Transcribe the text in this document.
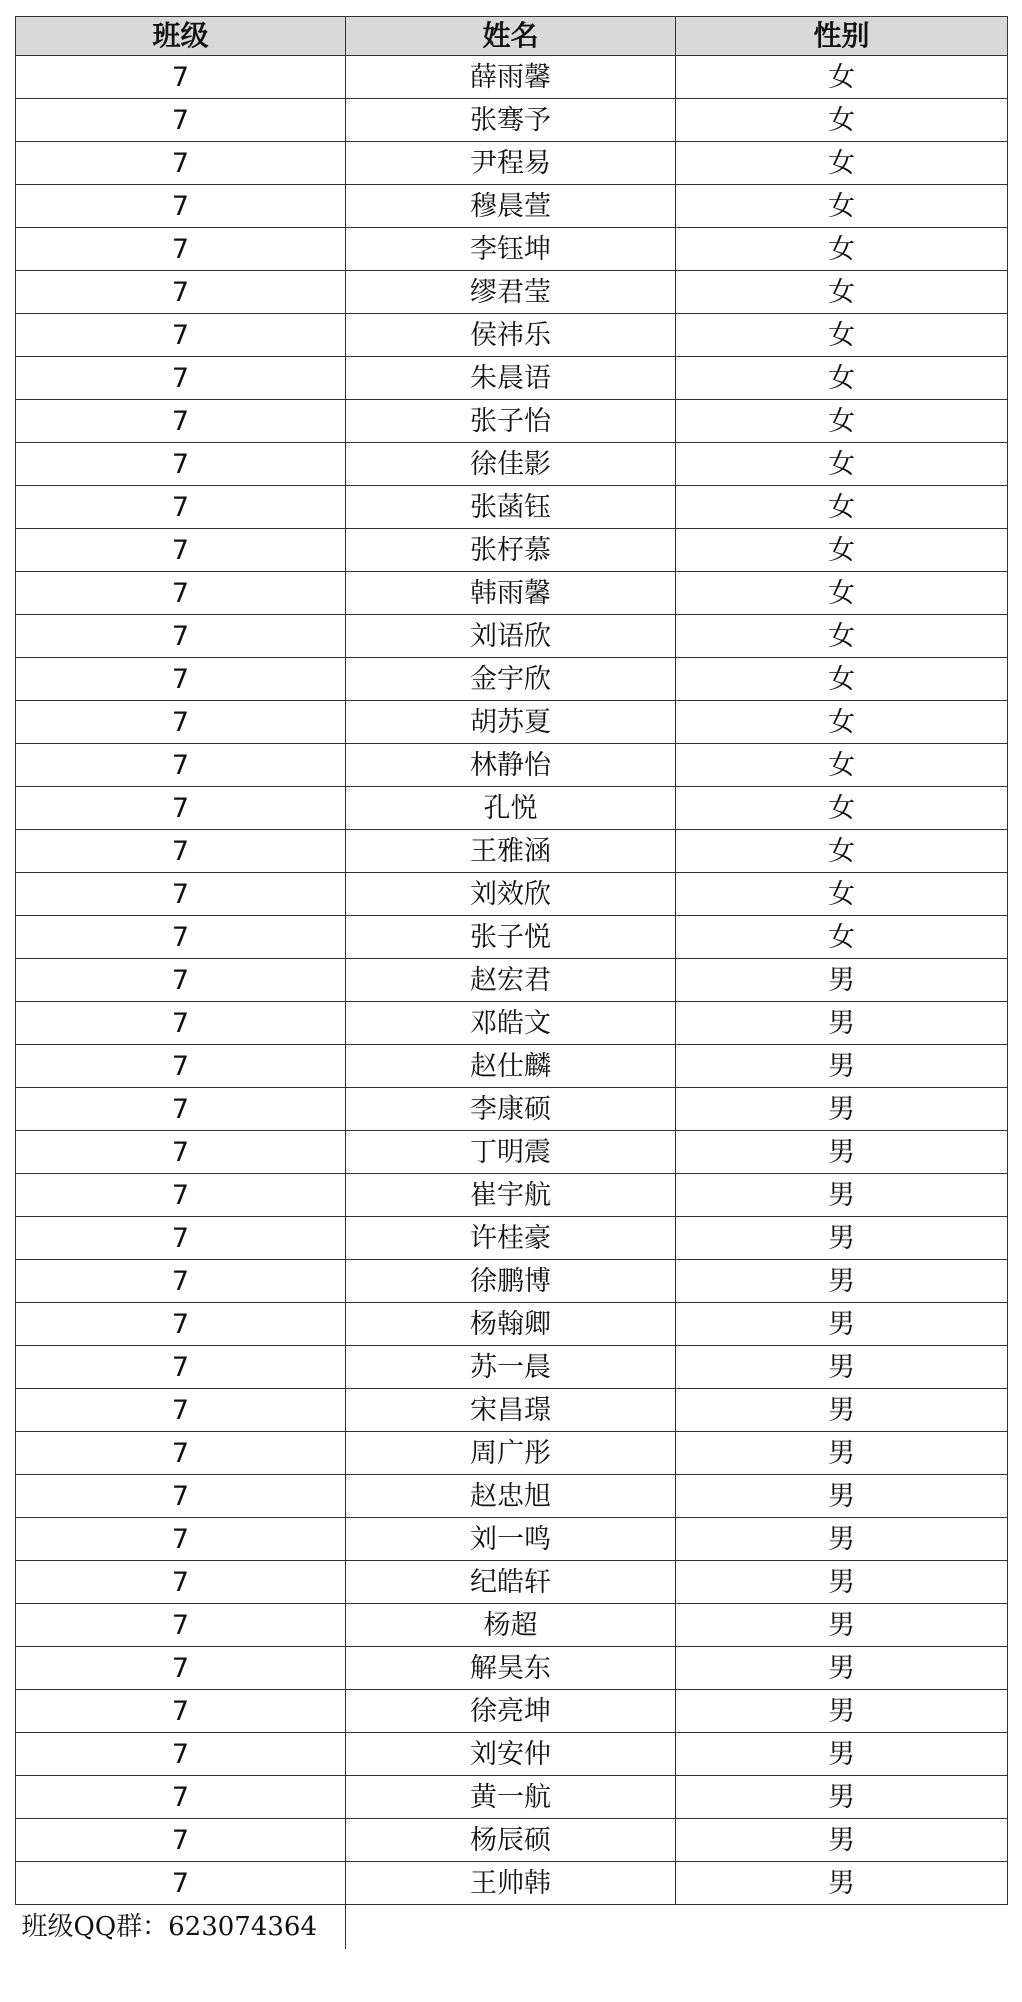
班级	姓名	性别
7	薛雨馨	女
7	张骞予	女
7	尹程易	女
7	穆晨萱	女
7	李钰坤	女
7	缪君莹	女
7	侯祎乐	女
7	朱晨语	女
7	张子怡	女
7	徐佳影	女
7	张菡钰	女
7	张杍慕	女
7	韩雨馨	女
7	刘语欣	女
7	金宇欣	女
7	胡苏夏	女
7	林静怡	女
7	孔悦	女
7	王雅涵	女
7	刘效欣	女
7	张子悦	女
7	赵宏君	男
7	邓皓文	男
7	赵仕麟	男
7	李康硕	男
7	丁明震	男
7	崔宇航	男
7	许桂豪	男
7	徐鹏博	男
7	杨翰卿	男
7	苏一晨	男
7	宋昌璟	男
7	周广彤	男
7	赵忠旭	男
7	刘一鸣	男
7	纪皓轩	男
7	杨超	男
7	解昊东	男
7	徐亮坤	男
7	刘安仲	男
7	黄一航	男
7	杨辰硕	男
7	王帅韩	男
班级QQ群：623074364		
